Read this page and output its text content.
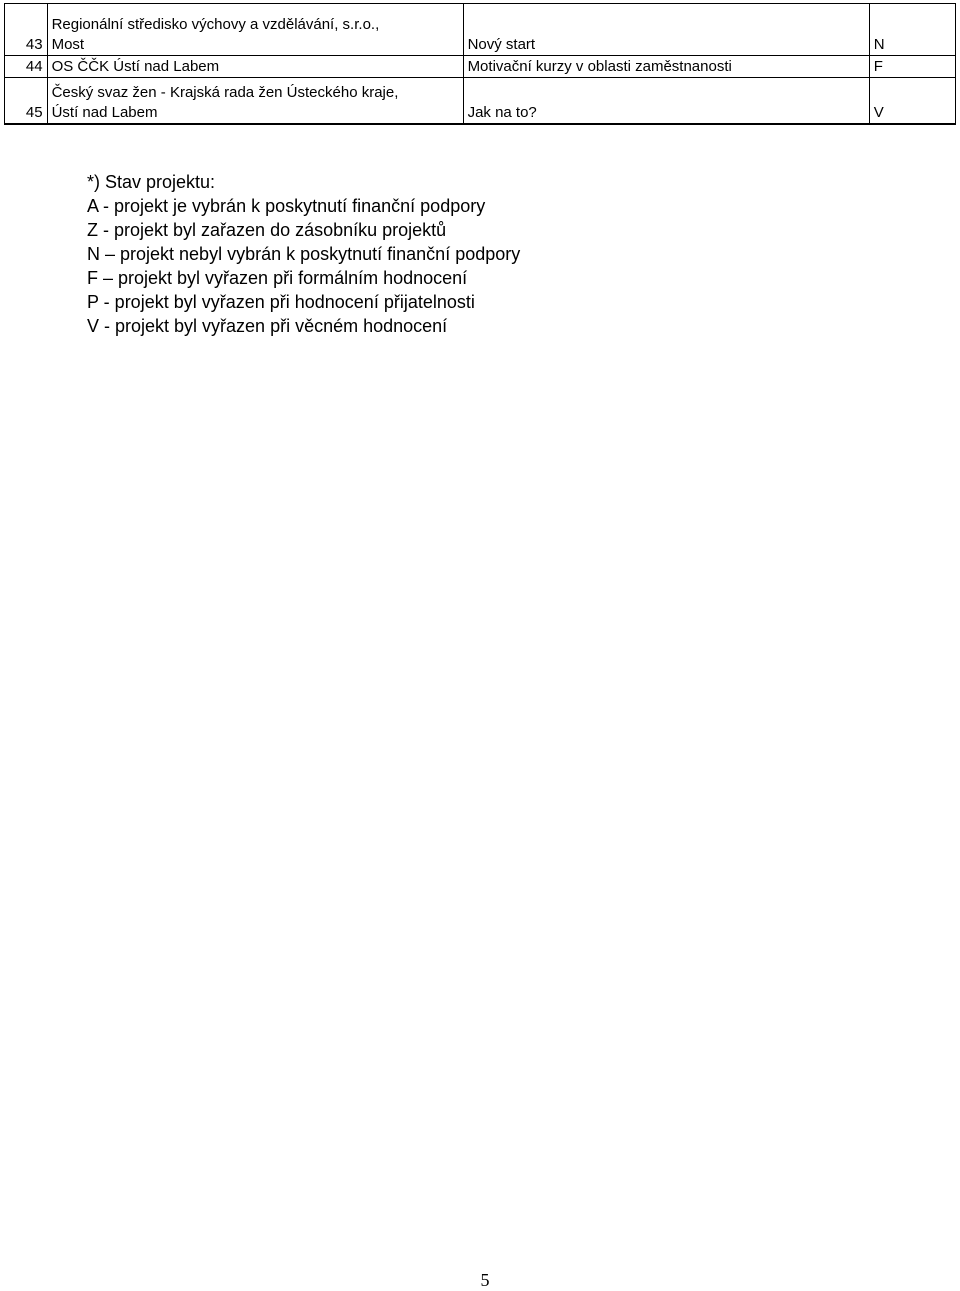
43	Regionální středisko výchovy a vzdělávání, s.r.o., Most	Nový start	N
44	OS ČČK Ústí nad Labem	Motivační kurzy v oblasti zaměstnanosti	F
45	Český svaz žen - Krajská rada žen Ústeckého kraje, Ústí nad Labem	Jak na to?	V
*) Stav projektu:
A - projekt je vybrán k poskytnutí finanční podpory
Z - projekt byl zařazen do zásobníku projektů
N – projekt nebyl vybrán k poskytnutí finanční podpory
F – projekt byl vyřazen při formálním hodnocení
P - projekt byl vyřazen při hodnocení přijatelnosti
V - projekt byl vyřazen při věcném hodnocení
5
